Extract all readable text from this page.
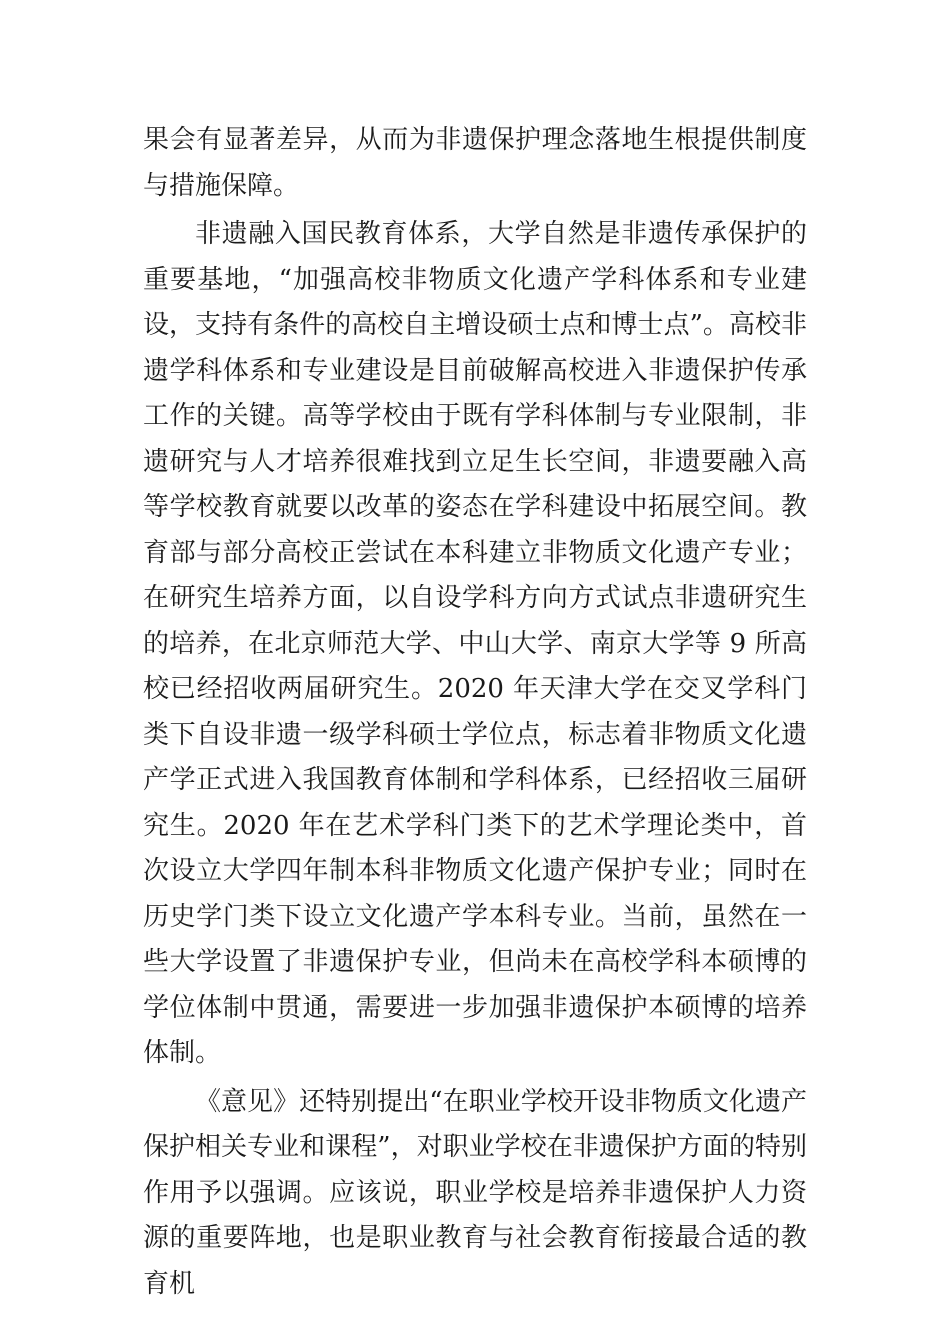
果会有显著差异，从而为非遗保护理念落地生根提供制度与措施保障。

非遗融入国民教育体系，大学自然是非遗传承保护的重要基地，“加强高校非物质文化遗产学科体系和专业建设，支持有条件的高校自主增设硕士点和博士点”。高校非遗学科体系和专业建设是目前破解高校进入非遗保护传承工作的关键。高等学校由于既有学科体制与专业限制，非遗研究与人才培养很难找到立足生长空间，非遗要融入高等学校教育就要以改革的姿态在学科建设中拓展空间。教育部与部分高校正尝试在本科建立非物质文化遗产专业；在研究生培养方面，以自设学科方向方式试点非遗研究生的培养，在北京师范大学、中山大学、南京大学等 9 所高校已经招收两届研究生。2020 年天津大学在交叉学科门类下自设非遗一级学科硕士学位点，标志着非物质文化遗产学正式进入我国教育体制和学科体系，已经招收三届研究生。2020 年在艺术学科门类下的艺术学理论类中，首次设立大学四年制本科非物质文化遗产保护专业；同时在历史学门类下设立文化遗产学本科专业。当前，虽然在一些大学设置了非遗保护专业，但尚未在高校学科本硕博的学位体制中贯通，需要进一步加强非遗保护本硕博的培养体制。

《意见》还特别提出“在职业学校开设非物质文化遗产保护相关专业和课程”，对职业学校在非遗保护方面的特别作用予以强调。应该说，职业学校是培养非遗保护人力资源的重要阵地，也是职业教育与社会教育衔接最合适的教育机
